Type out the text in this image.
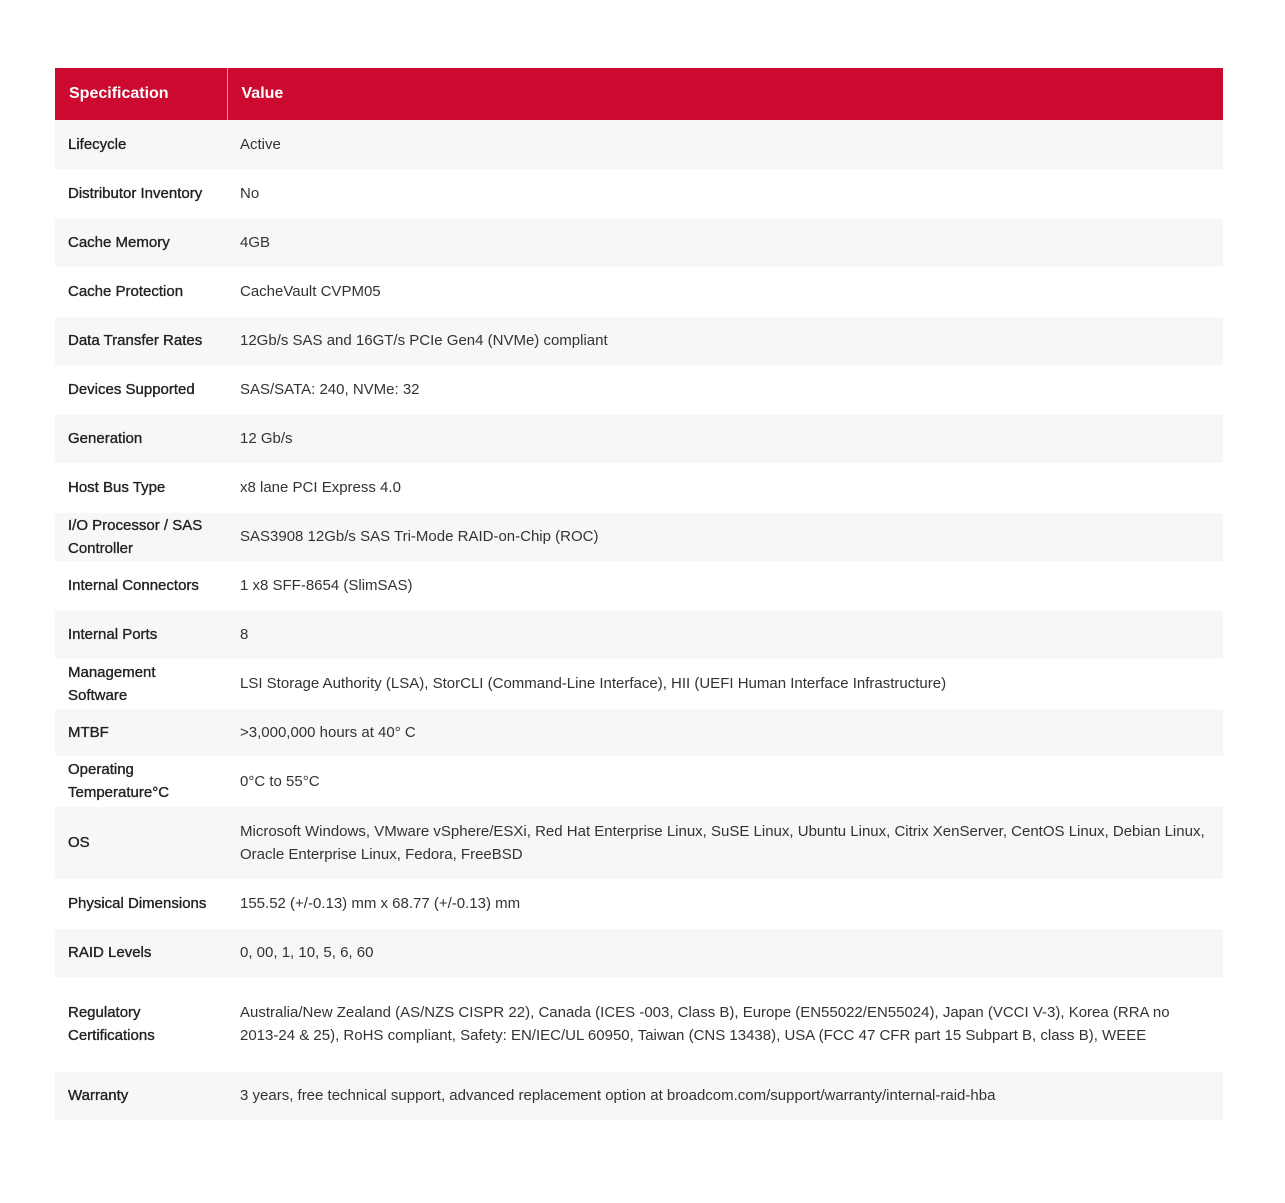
Specification	Value
Lifecycle	Active
Distributor Inventory	No
Cache Memory	4GB
Cache Protection	CacheVault CVPM05
Data Transfer Rates	12Gb/s SAS and 16GT/s PCIe Gen4 (NVMe) compliant
Devices Supported	SAS/SATA: 240, NVMe: 32
Generation	12 Gb/s
Host Bus Type	x8 lane PCI Express 4.0
I/O Processor / SAS Controller	SAS3908 12Gb/s SAS Tri-Mode RAID-on-Chip (ROC)
Internal Connectors	1 x8 SFF-8654 (SlimSAS)
Internal Ports	8
Management Software	LSI Storage Authority (LSA), StorCLI (Command-Line Interface), HII (UEFI Human Interface Infrastructure)
MTBF	>3,000,000 hours at 40° C
Operating Temperature°C	0°C to 55°C
OS	Microsoft Windows, VMware vSphere/ESXi, Red Hat Enterprise Linux, SuSE Linux, Ubuntu Linux, Citrix XenServer, CentOS Linux, Debian Linux, Oracle Enterprise Linux, Fedora, FreeBSD
Physical Dimensions	155.52 (+/-0.13) mm x 68.77 (+/-0.13) mm
RAID Levels	0, 00, 1, 10, 5, 6, 60
Regulatory Certifications	Australia/New Zealand (AS/NZS CISPR 22), Canada (ICES -003, Class B), Europe (EN55022/EN55024), Japan (VCCI V-3), Korea (RRA no 2013-24 & 25), RoHS compliant, Safety: EN/IEC/UL 60950, Taiwan (CNS 13438), USA (FCC 47 CFR part 15 Subpart B, class B), WEEE
Warranty	3 years, free technical support, advanced replacement option at broadcom.com/support/warranty/internal-raid-hba
